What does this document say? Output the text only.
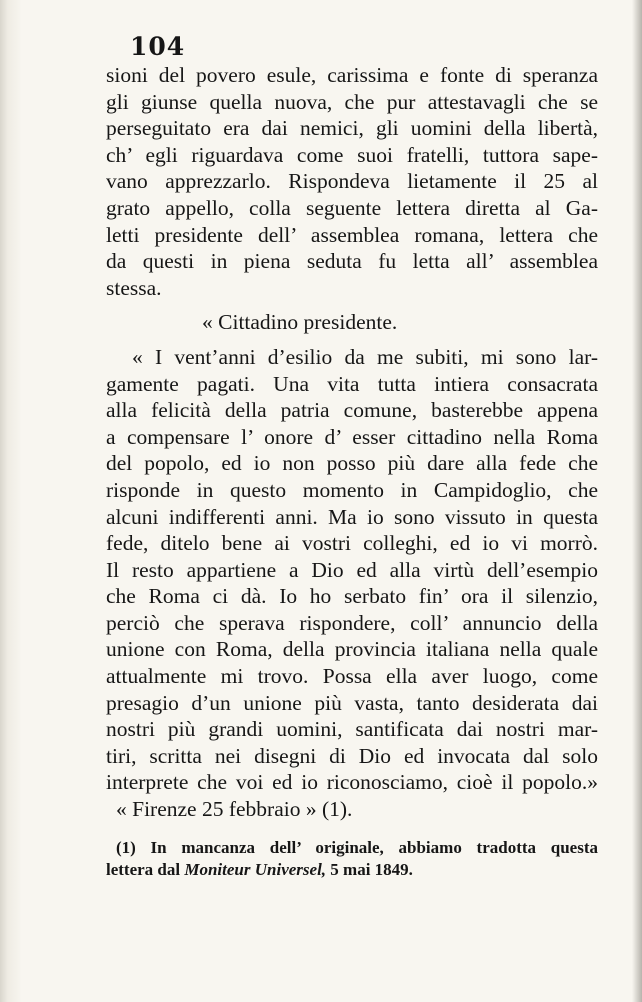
104
sioni del povero esule, carissima e fonte di speranza
gli giunse quella nuova, che pur attestavagli che se
perseguitato era dai nemici, gli uomini della libertà,
ch’ egli riguardava come suoi fratelli, tuttora sape-
vano apprezzarlo. Rispondeva lietamente il 25 al
grato appello, colla seguente lettera diretta al Ga-
letti presidente dell’ assemblea romana, lettera che
da questi in piena seduta fu letta all’ assemblea
stessa.
« Cittadino presidente.
« I vent’anni d’esilio da me subiti, mi sono lar-
gamente pagati. Una vita tutta intiera consacrata
alla felicità della patria comune, basterebbe appena
a compensare l’ onore d’ esser cittadino nella Roma
del popolo, ed io non posso più dare alla fede che
risponde in questo momento in Campidoglio, che
alcuni indifferenti anni. Ma io sono vissuto in questa
fede, ditelo bene ai vostri colleghi, ed io vi morrò.
Il resto appartiene a Dio ed alla virtù dell’esempio
che Roma ci dà. Io ho serbato fin’ ora il silenzio,
perciò che sperava rispondere, coll’ annuncio della
unione con Roma, della provincia italiana nella quale
attualmente mi trovo. Possa ella aver luogo, come
presagio d’un unione più vasta, tanto desiderata dai
nostri più grandi uomini, santificata dai nostri mar-
tiri, scritta nei disegni di Dio ed invocata dal solo
interprete che voi ed io riconosciamo, cioè il popolo.»
« Firenze 25 febbraio » (1).
(1) In mancanza dell’ originale, abbiamo tradotta questa
lettera dal Moniteur Universel, 5 mai 1849.
